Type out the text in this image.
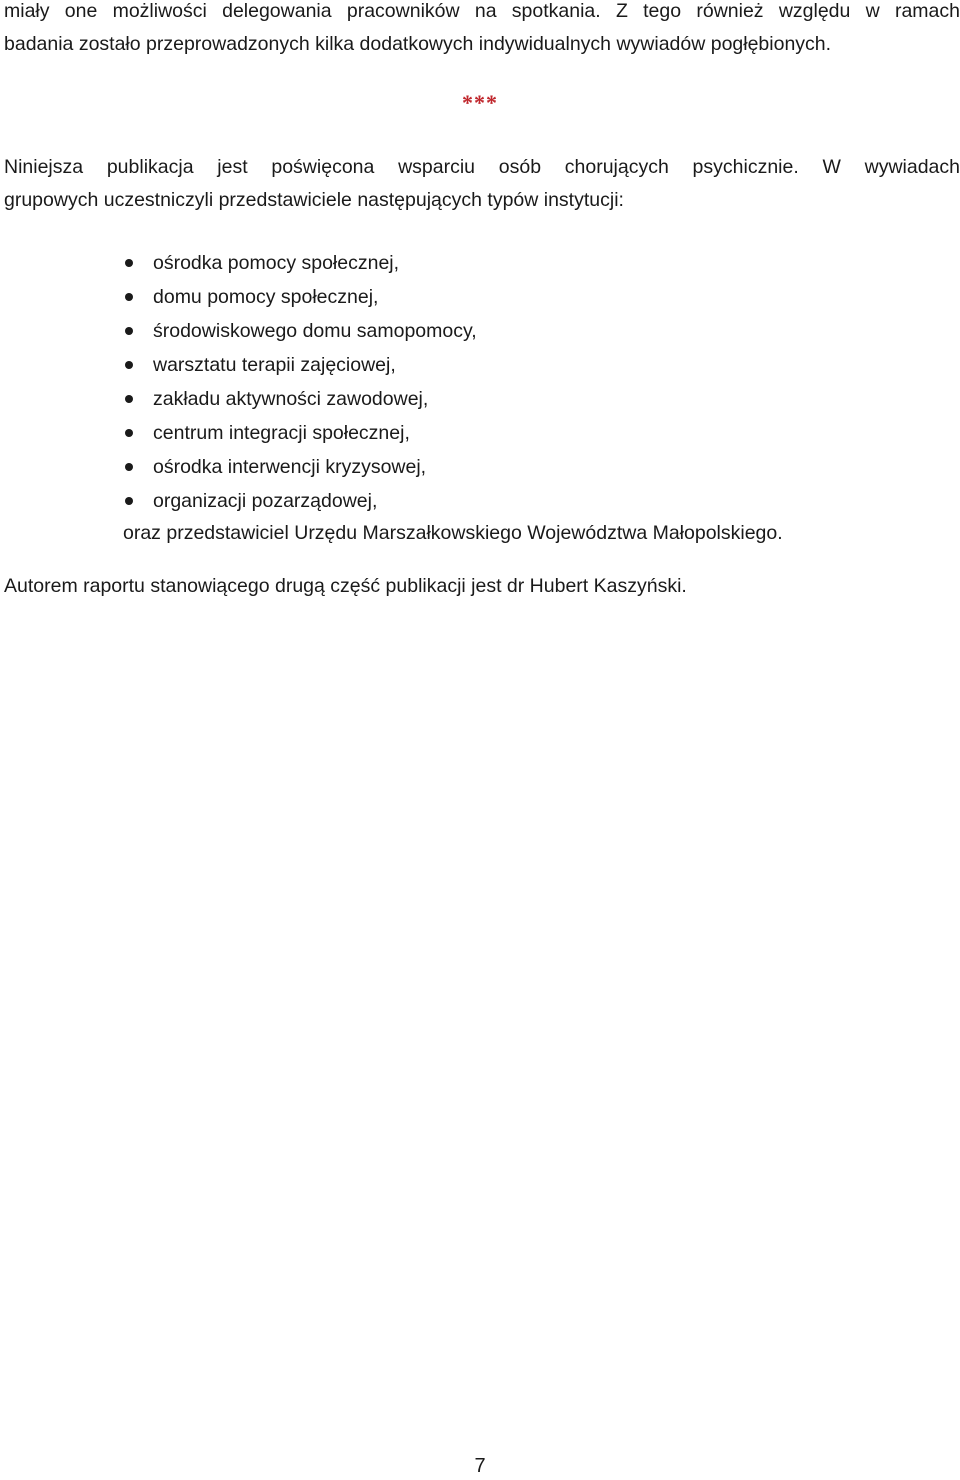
miały one możliwości delegowania pracowników na spotkania. Z tego również względu w ramach
badania zostało przeprowadzonych kilka dodatkowych indywidualnych wywiadów pogłębionych.
***
Niniejsza publikacja jest poświęcona wsparciu osób chorujących psychicznie. W wywiadach
grupowych uczestniczyli przedstawiciele następujących typów instytucji:
ośrodka pomocy społecznej,
domu pomocy społecznej,
środowiskowego domu samopomocy,
warsztatu terapii zajęciowej,
zakładu aktywności zawodowej,
centrum integracji społecznej,
ośrodka interwencji kryzysowej,
organizacji pozarządowej,
oraz przedstawiciel Urzędu Marszałkowskiego Województwa Małopolskiego.
Autorem raportu stanowiącego drugą część publikacji jest dr Hubert Kaszyński.
7
